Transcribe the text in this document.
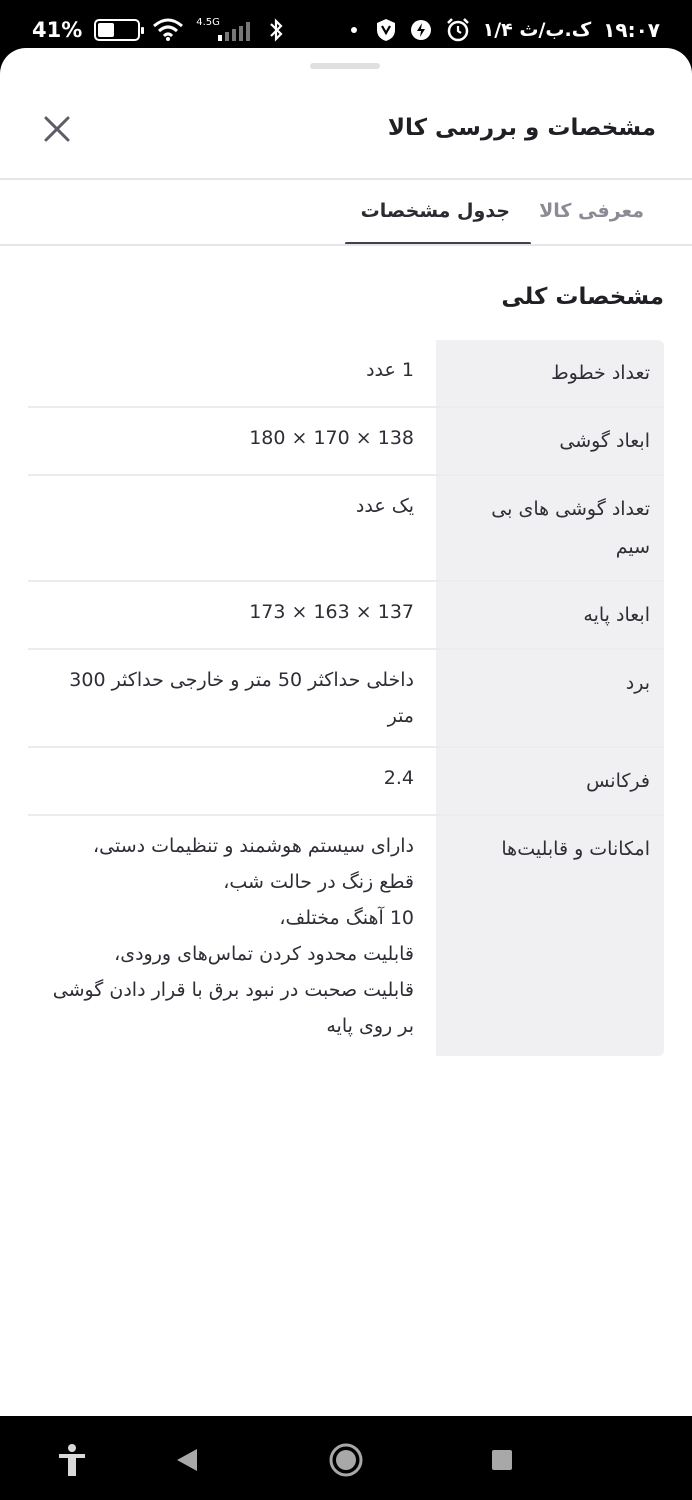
41%	4.5G	۱/۴ ک.ب/ث ۱۹:۰۷
مشخصات و بررسی کالا
معرفی کالا
جدول مشخصات
مشخصات کلی
تعداد خطوط
1 عدد
ابعاد گوشی
138 × 170 × 180
تعداد گوشی های بی سیم
یک عدد
ابعاد پایه
137 × 163 × 173
برد
داخلی حداکثر 50 متر و خارجی حداکثر 300 متر
فرکانس
2.4
امکانات و قابلیت‌ها
دارای سیستم هوشمند و تنظیمات دستی،
قطع زنگ در حالت شب،
10 آهنگ مختلف،
قابلیت محدود کردن تماس‌های ورودی،
قابلیت صحبت در نبود برق با قرار دادن گوشی بر روی پایه
